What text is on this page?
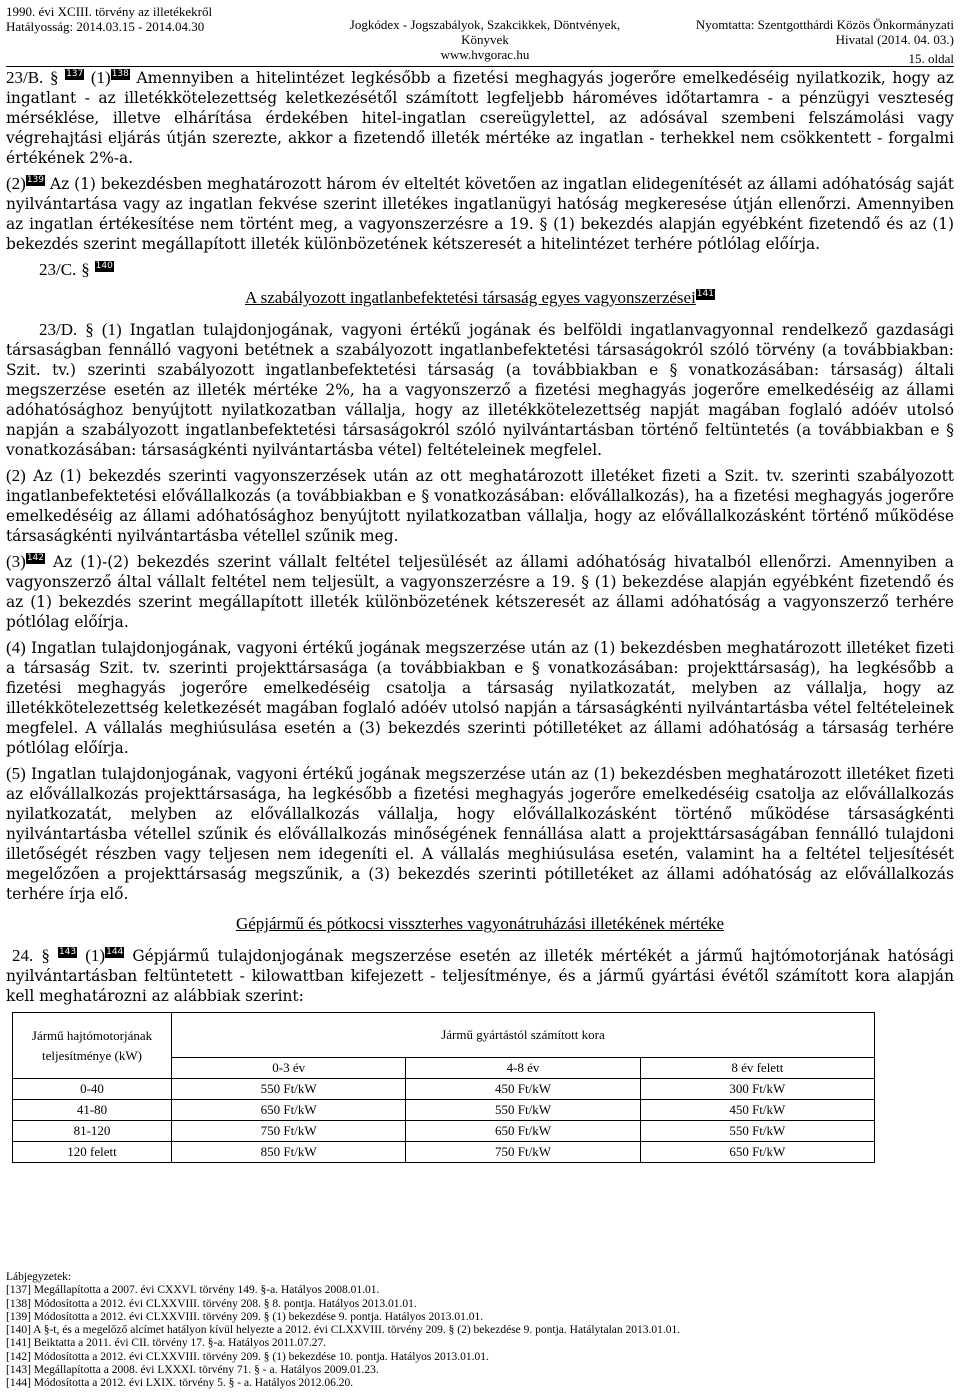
1990. évi XCIII. törvény az illetékekről
Hatályosság: 2014.03.15 - 2014.04.30	Jogkódex - Jogszabályok, Szakcikkek, Döntvények,
Könyvek
www.hvgorac.hu
Nyomtatta: Szentgotthárdi Közös Önkormányzati
Hivatal (2014. 04. 03.)
15. oldal

23/B. § 137 (1)138 Amennyiben a hitelintézet legkésőbb a fizetési meghagyás jogerőre emelkedéséig nyilatkozik, hogy az ingatlant - az illetékkötelezettség keletkezésétől számított legfeljebb hároméves időtartamra - a pénzügyi veszteség mérséklése, illetve elhárítása érdekében hitel-ingatlan csereügylettel, az adósával szembeni felszámolási vagy végrehajtási eljárás útján szerezte, akkor a fizetendő illeték mértéke az ingatlan - terhekkel nem csökkentett - forgalmi értékének 2%-a.

(2)139 Az (1) bekezdésben meghatározott három év elteltét követően az ingatlan elidegenítését az állami adóhatóság saját nyilvántartása vagy az ingatlan fekvése szerint illetékes ingatlanügyi hatóság megkeresése útján ellenőrzi. Amennyiben az ingatlan értékesítése nem történt meg, a vagyonszerzésre a 19. § (1) bekezdés alapján egyébként fizetendő és az (1) bekezdés szerint megállapított illeték különbözetének kétszeresét a hitelintézet terhére pótlólag előírja.

23/C. § 140

A szabályozott ingatlanbefektetési társaság egyes vagyonszerzései141

23/D. § (1) Ingatlan tulajdonjogának, vagyoni értékű jogának és belföldi ingatlanvagyonnal rendelkező gazdasági társaságban fennálló vagyoni betétnek a szabályozott ingatlanbefektetési társaságokról szóló törvény (a továbbiakban: Szit. tv.) szerinti szabályozott ingatlanbefektetési társaság (a továbbiakban e § vonatkozásában: társaság) általi megszerzése esetén az illeték mértéke 2%, ha a vagyonszerző a fizetési meghagyás jogerőre emelkedéséig az állami adóhatósághoz benyújtott nyilatkozatban vállalja, hogy az illetékkötelezettség napját magában foglaló adóév utolsó napján a szabályozott ingatlanbefektetési társaságokról szóló nyilvántartásban történő feltüntetés (a továbbiakban e § vonatkozásában: társaságkénti nyilvántartásba vétel) feltételeinek megfelel.

(2) Az (1) bekezdés szerinti vagyonszerzések után az ott meghatározott illetéket fizeti a Szit. tv. szerinti szabályozott ingatlanbefektetési elővállalkozás (a továbbiakban e § vonatkozásában: elővállalkozás), ha a fizetési meghagyás jogerőre emelkedéséig az állami adóhatósághoz benyújtott nyilatkozatban vállalja, hogy az elővállalkozásként történő működése társaságkénti nyilvántartásba vétellel szűnik meg.

(3)142 Az (1)-(2) bekezdés szerint vállalt feltétel teljesülését az állami adóhatóság hivatalból ellenőrzi. Amennyiben a vagyonszerző által vállalt feltétel nem teljesült, a vagyonszerzésre a 19. § (1) bekezdése alapján egyébként fizetendő és az (1) bekezdés szerint megállapított illeték különbözetének kétszeresét az állami adóhatóság a vagyonszerző terhére pótlólag előírja.

(4) Ingatlan tulajdonjogának, vagyoni értékű jogának megszerzése után az (1) bekezdésben meghatározott illetéket fizeti a társaság Szit. tv. szerinti projekttársasága (a továbbiakban e § vonatkozásában: projekttársaság), ha legkésőbb a fizetési meghagyás jogerőre emelkedéséig csatolja a társaság nyilatkozatát, melyben az vállalja, hogy az illetékkötelezettség keletkezését magában foglaló adóév utolsó napján a társaságkénti nyilvántartásba vétel feltételeinek megfelel. A vállalás meghiúsulása esetén a (3) bekezdés szerinti pótilletéket az állami adóhatóság a társaság terhére pótlólag előírja.

(5) Ingatlan tulajdonjogának, vagyoni értékű jogának megszerzése után az (1) bekezdésben meghatározott illetéket fizeti az elővállalkozás projekttársasága, ha legkésőbb a fizetési meghagyás jogerőre emelkedéséig csatolja az elővállalkozás nyilatkozatát, melyben az elővállalkozás vállalja, hogy elővállalkozásként történő működése társaságkénti nyilvántartásba vétellel szűnik és elővállalkozás minőségének fennállása alatt a projekttársaságában fennálló tulajdoni illetőségét részben vagy teljesen nem idegeníti el. A vállalás meghiúsulása esetén, valamint ha a feltétel teljesítését megelőzően a projekttársaság megszűnik, a (3) bekezdés szerinti pótilletéket az állami adóhatóság az elővállalkozás terhére írja elő.

Gépjármű és pótkocsi visszterhes vagyonátruházási illetékének mértéke

24. § 143 (1)144 Gépjármű tulajdonjogának megszerzése esetén az illeték mértékét a jármű hajtómotorjának hatósági nyilvántartásban feltüntetett - kilowattban kifejezett - teljesítménye, és a jármű gyártási évétől számított kora alapján kell meghatározni az alábbiak szerint:

Jármű hajtómotorjának teljesítménye (kW)	Jármű gyártástól számított kora		
	0-3 év	4-8 év	8 év felett
0-40	550 Ft/kW	450 Ft/kW	300 Ft/kW
41-80	650 Ft/kW	550 Ft/kW	450 Ft/kW
81-120	750 Ft/kW	650 Ft/kW	550 Ft/kW
120 felett	850 Ft/kW	750 Ft/kW	650 Ft/kW
Lábjegyzetek:
[137] Megállapította a 2007. évi CXXVI. törvény 149. §-a. Hatályos 2008.01.01.
[138] Módosította a 2012. évi CLXXVIII. törvény 208. § 8. pontja. Hatályos 2013.01.01.
[139] Módosította a 2012. évi CLXXVIII. törvény 209. § (1) bekezdése 9. pontja. Hatályos 2013.01.01.
[140] A §-t, és a megelőző alcímet hatályon kívül helyezte a 2012. évi CLXXVIII. törvény 209. § (2) bekezdése 9. pontja. Hatálytalan 2013.01.01.
[141] Beiktatta a 2011. évi CII. törvény 17. §-a. Hatályos 2011.07.27.
[142] Módosította a 2012. évi CLXXVIII. törvény 209. § (1) bekezdése 10. pontja. Hatályos 2013.01.01.
[143] Megállapította a 2008. évi LXXXI. törvény 71. § - a. Hatályos 2009.01.23.
[144] Módosította a 2012. évi LXIX. törvény 5. § - a. Hatályos 2012.06.20.
